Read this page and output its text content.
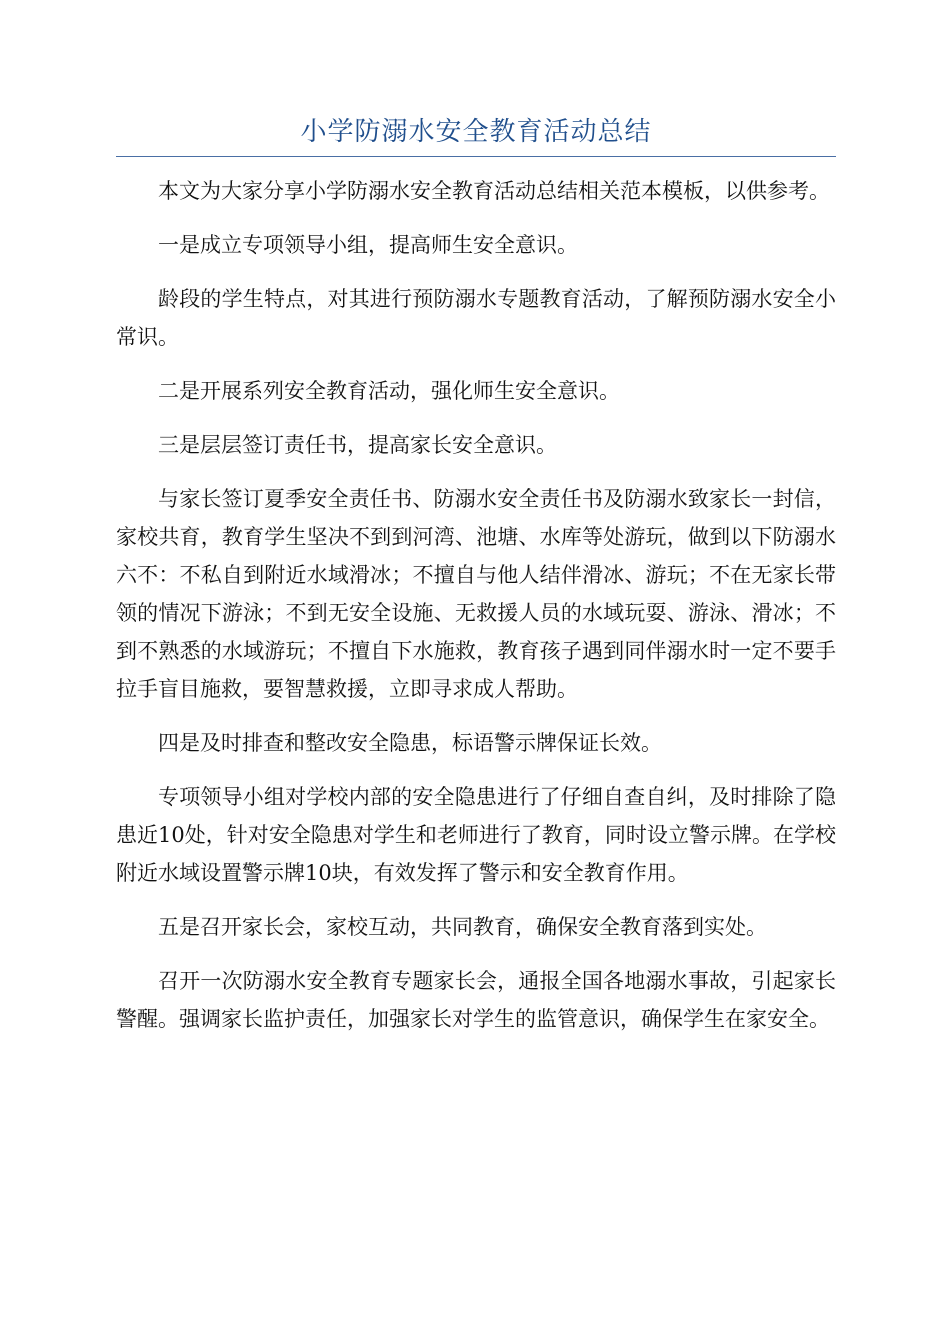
小学防溺水安全教育活动总结

本文为大家分享小学防溺水安全教育活动总结相关范本模板，以供参考。

一是成立专项领导小组，提高师生安全意识。

龄段的学生特点，对其进行预防溺水专题教育活动，了解预防溺水安全小常识。

二是开展系列安全教育活动，强化师生安全意识。

三是层层签订责任书，提高家长安全意识。

与家长签订夏季安全责任书、防溺水安全责任书及防溺水致家长一封信，家校共育，教育学生坚决不到到河湾、池塘、水库等处游玩，做到以下防溺水六不：不私自到附近水域滑冰；不擅自与他人结伴滑冰、游玩；不在无家长带领的情况下游泳；不到无安全设施、无救援人员的水域玩耍、游泳、滑冰；不到不熟悉的水域游玩；不擅自下水施救，教育孩子遇到同伴溺水时一定不要手拉手盲目施救，要智慧救援，立即寻求成人帮助。

四是及时排查和整改安全隐患，标语警示牌保证长效。

专项领导小组对学校内部的安全隐患进行了仔细自查自纠，及时排除了隐患近10处，针对安全隐患对学生和老师进行了教育，同时设立警示牌。在学校附近水域设置警示牌10块，有效发挥了警示和安全教育作用。

五是召开家长会，家校互动，共同教育，确保安全教育落到实处。

召开一次防溺水安全教育专题家长会，通报全国各地溺水事故，引起家长警醒。强调家长监护责任，加强家长对学生的监管意识，确保学生在家安全。
